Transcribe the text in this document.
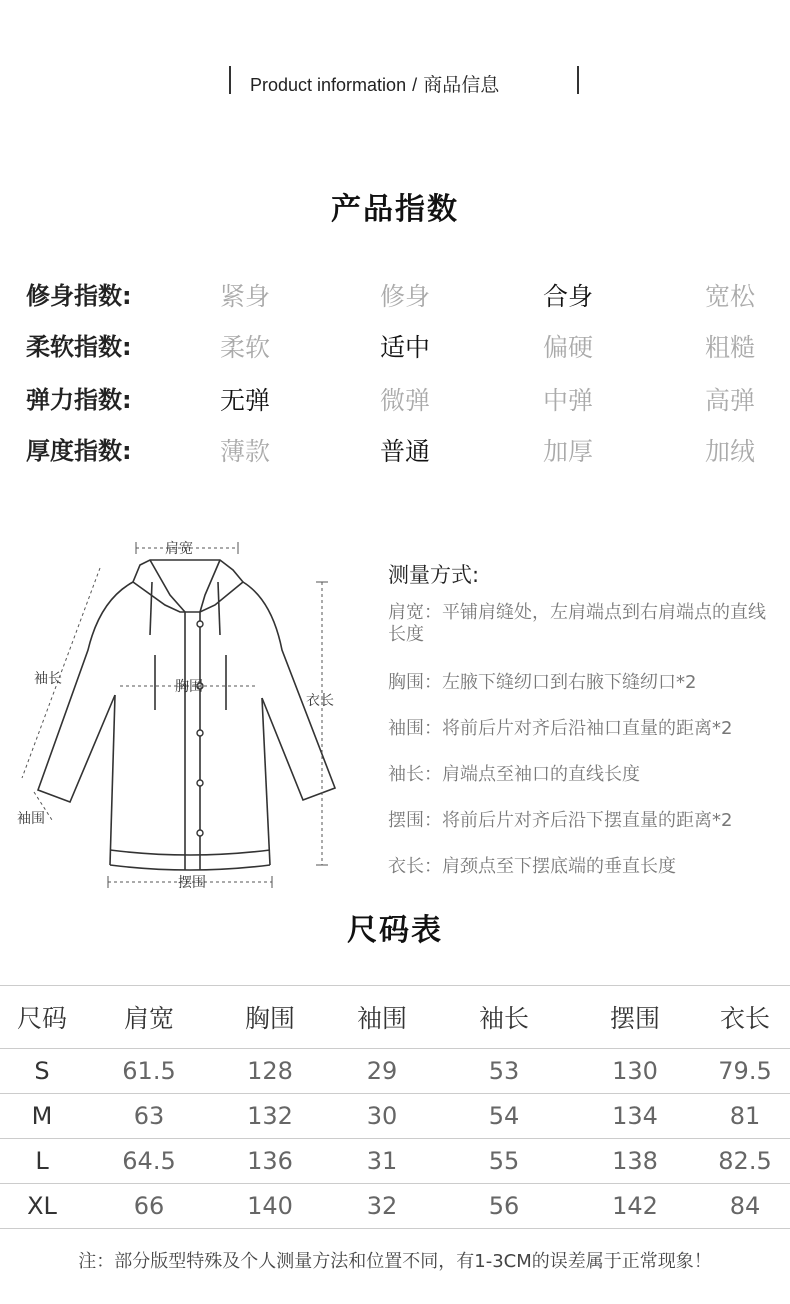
Product information / 商品信息
产品指数
修身指数:	紧身	修身	合身	宽松
柔软指数:	柔软	适中	偏硬	粗糙
弹力指数:	无弹	微弹	中弹	高弹
厚度指数:	薄款	普通	加厚	加绒
肩宽
胸围
袖长
袖围
衣长
摆围
测量方式:
肩宽：平铺肩缝处，左肩端点到右肩端点的直线长度
胸围：左腋下缝纫口到右腋下缝纫口*2
袖围：将前后片对齐后沿袖口直量的距离*2
袖长：肩端点至袖口的直线长度
摆围：将前后片对齐后沿下摆直量的距离*2
衣长：肩颈点至下摆底端的垂直长度
尺码表
尺码	肩宽	胸围	袖围	袖长	摆围	衣长
S	61.5	128	29	53	130	79.5
M	63	132	30	54	134	81
L	64.5	136	31	55	138	82.5
XL	66	140	32	56	142	84
注：部分版型特殊及个人测量方法和位置不同，有1-3CM的误差属于正常现象！
